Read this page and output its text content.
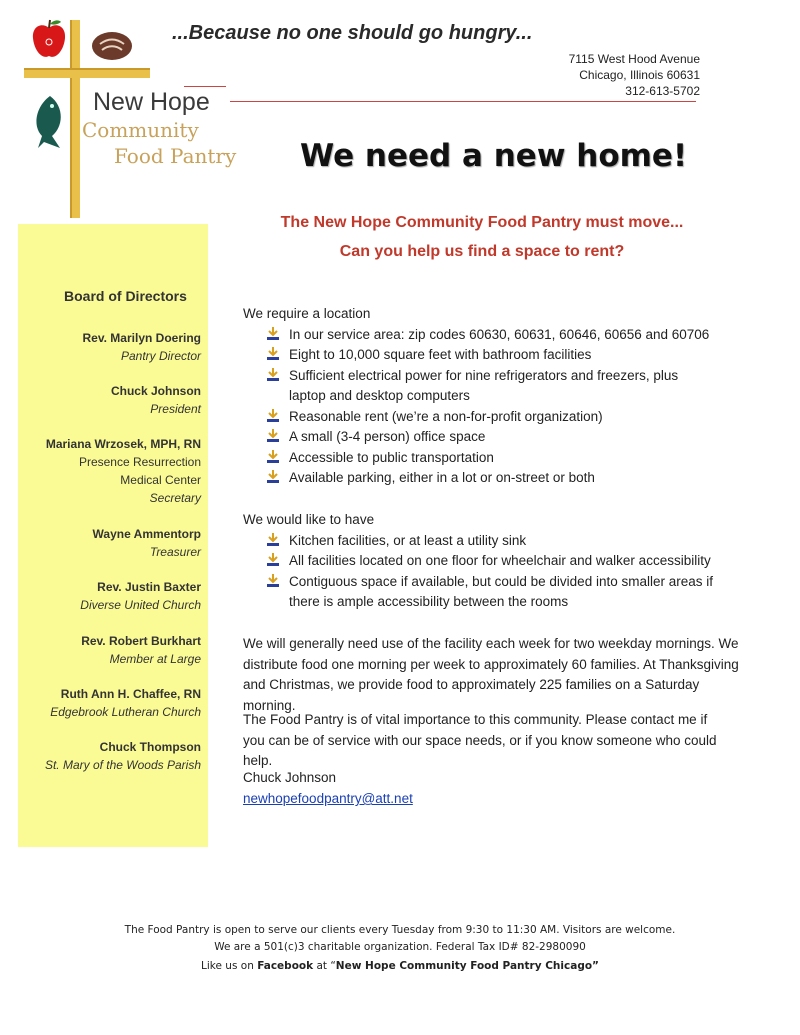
New Hope
Community
Food Pantry
...Because no one should go hungry...
7115 West Hood Avenue
Chicago, Illinois 60631
312-613-5702
We need a new home!
The New Hope Community Food Pantry must move...
Can you help us find a space to rent?
Board of Directors
Rev. Marilyn Doering
Pantry Director
Chuck Johnson
President
Mariana Wrzosek, MPH, RN
Presence Resurrection
Medical Center
Secretary
Wayne Ammentorp
Treasurer
Rev. Justin Baxter
Diverse United Church
Rev. Robert Burkhart
Member at Large
Ruth Ann H. Chaffee, RN
Edgebrook Lutheran Church
Chuck Thompson
St. Mary of the Woods Parish
We require a location
In our service area: zip codes 60630, 60631, 60646, 60656 and 60706
Eight to 10,000 square feet with bathroom facilities
Sufficient electrical power for nine refrigerators and freezers, plus laptop and desktop computers
Reasonable rent (we’re a non-for-profit organization)
A small (3-4 person) office space
Accessible to public transportation
Available parking, either in a lot or on-street or both
We would like to have
Kitchen facilities, or at least a utility sink
All facilities located on one floor for wheelchair and walker accessibility
Contiguous space if available, but could be divided into smaller areas if there is ample accessibility between the rooms
We will generally need use of the facility each week for two weekday mornings. We distribute food one morning per week to approximately 60 families. At Thanksgiving and Christmas, we provide food to approximately 225 families on a Saturday morning.
The Food Pantry is of vital importance to this community. Please contact me if you can be of service with our space needs, or if you know someone who could help.
Chuck Johnson
newhopefoodpantry@att.net
The Food Pantry is open to serve our clients every Tuesday from 9:30 to 11:30 AM. Visitors are welcome.
We are a 501(c)3 charitable organization. Federal Tax ID# 82-2980090
Like us on Facebook at “New Hope Community Food Pantry Chicago”
